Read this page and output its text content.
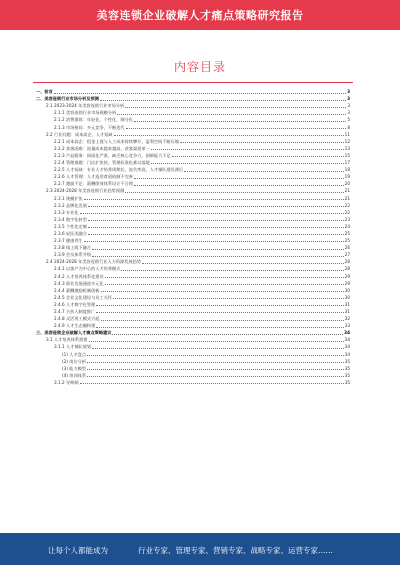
美容连锁企业破解人才痛点策略研究报告
内容目录
一、前言	3
二、美容连锁行业市场分析及预测	3
2.1 2023-2024 年美容连锁行业市场分析	3
2.1.1 美容连锁行业市场规模分析	3
2.1.2 消费群体：年轻化、个性化、细分化	5
2.1.3 市场格局：多元竞争，不断迭代	8
2.2 行业问题：成本高企，人才短缺	11
2.2.1 成本高企：租金上涨与人工成本持续攀升，盈利空间不断压缩	12
2.2.2 获客困难：流量成本越来越高，获客渠道单一	13
2.2.3 产品服务：同质化严重，缺乏核心竞争力，创新能力不足	15
2.2.4 管理难题：门店扩张快，管理标准化难以落地	17
2.2.5 人才短缺：专业人才培养周期长，流失率高，人才梯队建设滞后	18
2.2.6 人才管理：人才选用育留机制不完善	19
2.2.7 激励不足：薪酬绩效体系设计不合理	20
2.3 2024-2028 年美容连锁行业趋势预测	21
2.3.1 规模扩张	21
2.3.2 品牌化发展	22
2.3.3 专业化	22
2.3.4 数字化转型	23
2.3.5 个性化定制	24
2.3.6 轻医美融合	25
2.3.7 健康养生	25
2.3.8 线上线下融合	26
2.3.9 会员体系升级	27
2.4 2024-2028 年美容连锁行业人力资源发展趋势	28
2.4.1 以客户为中心的人才培养模式	28
2.4.2 人才培养体系化建设	29
2.4.3 职业发展通道多元化	29
2.4.4 薪酬激励机制创新	30
2.4.5 企业文化建设与员工关怀	30
2.4.6 人才数字化管理	31
2.4.7 合伙人制度推广	31
2.4.8 灵活用工模式兴起	32
2.4.9 人才生态圈构建	33
三、美容连锁企业破解人才痛点策略建议	34
3.1 人才培养体系搭建	34
3.1.1 人才梯队规划	34
(1) 人才盘点	34
(2) 岗位分析	35
(3) 能力模型	35
(4) 培训体系	35
3.1.2 导师制	35
让每个人都能成为	行业专家、管理专家、营销专家、战略专家、运营专家……
